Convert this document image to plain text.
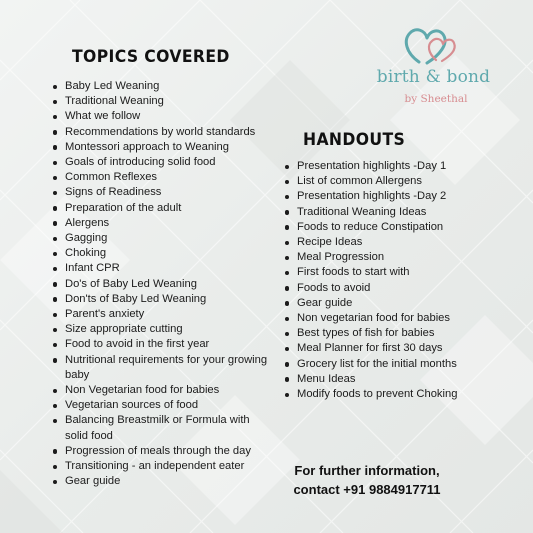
birth & bond
by Sheethal
TOPICS COVERED
Baby Led Weaning
Traditional Weaning
What we follow
Recommendations by world standards
Montessori approach to Weaning
Goals of introducing solid food
Common Reflexes
Signs of Readiness
Preparation of the adult
Alergens
Gagging
Choking
Infant CPR
Do's of Baby Led Weaning
Don'ts of Baby Led Weaning
Parent's anxiety
Size appropriate cutting
Food to avoid in the first year
Nutritional requirements for your growing baby
Non Vegetarian food for babies
Vegetarian sources of food
Balancing Breastmilk or Formula with solid food
Progression of meals through the day
Transitioning - an independent eater
Gear guide
HANDOUTS
Presentation highlights -Day 1
List of common Allergens
Presentation highlights -Day 2
Traditional Weaning Ideas
Foods to reduce Constipation
Recipe Ideas
Meal Progression
First foods to start with
Foods to avoid
Gear guide
Non vegetarian food for babies
Best types of fish for babies
Meal Planner for first 30 days
Grocery list for the initial months
Menu Ideas
Modify foods to prevent Choking
For further information,
contact +91 9884917711
